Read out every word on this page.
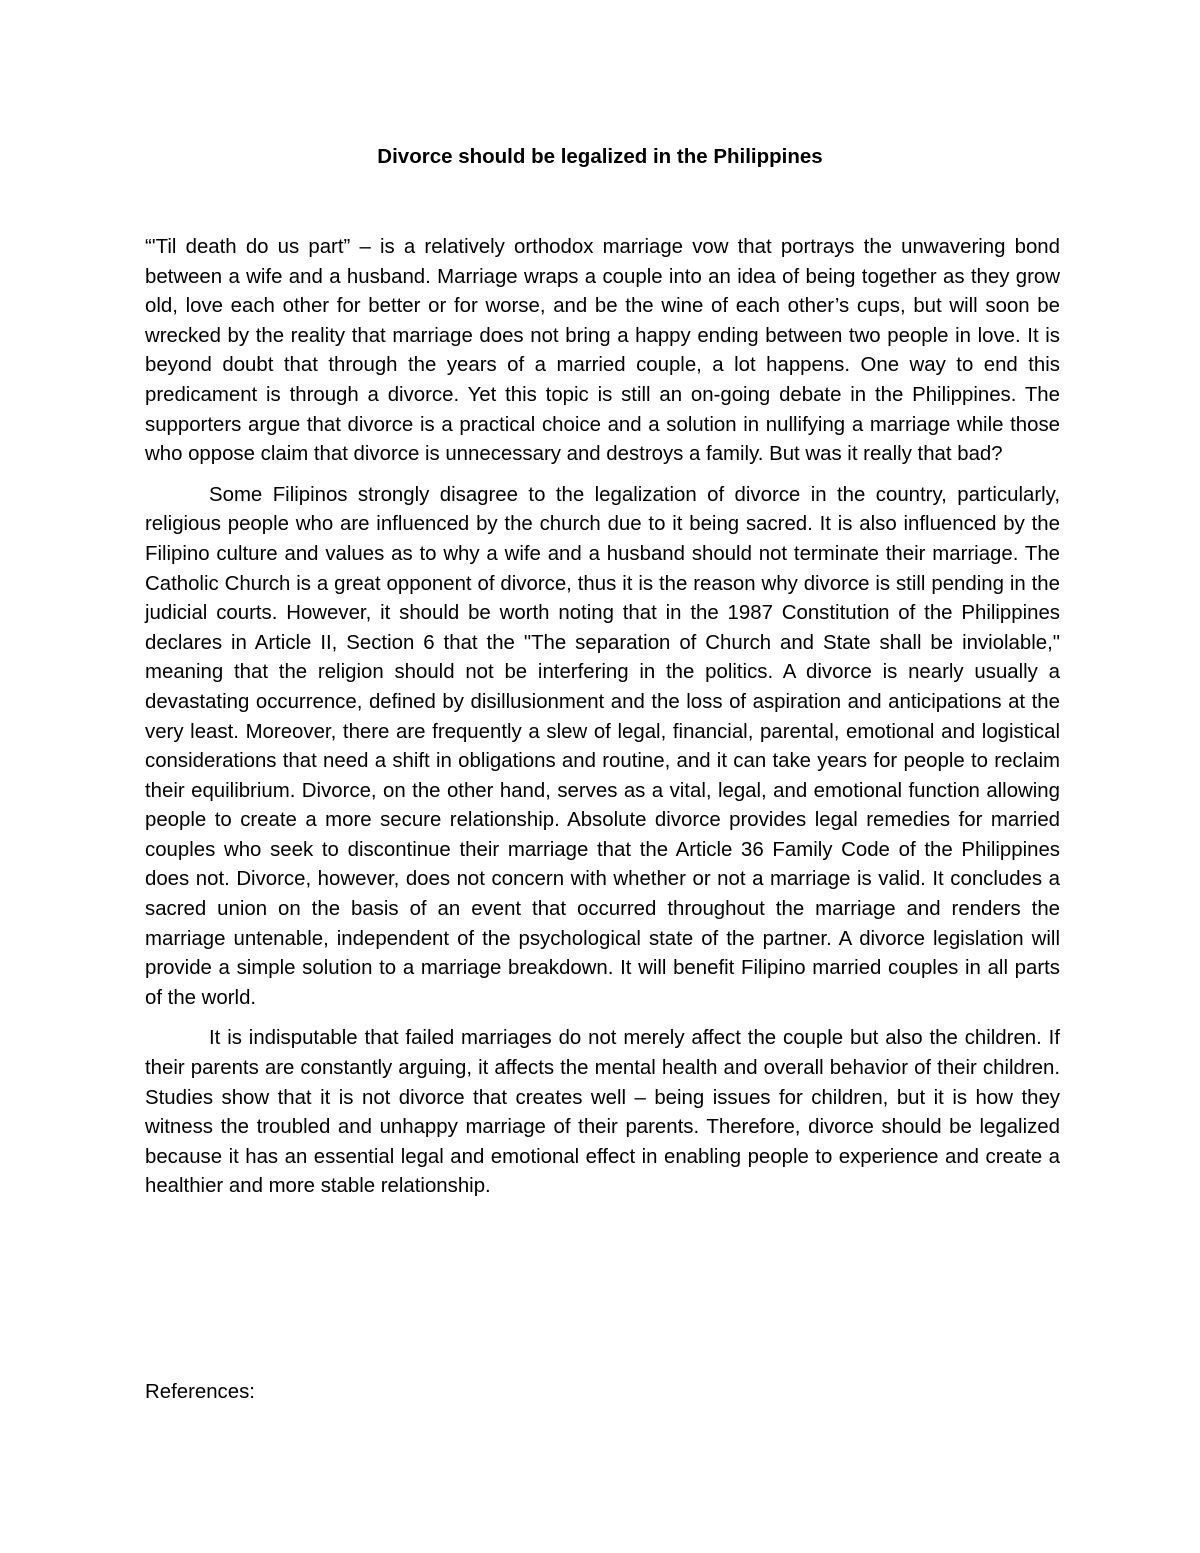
Divorce should be legalized in the Philippines

“'Til death do us part” – is a relatively orthodox marriage vow that portrays the unwavering bond between a wife and a husband. Marriage wraps a couple into an idea of being together as they grow old, love each other for better or for worse, and be the wine of each other’s cups, but will soon be wrecked by the reality that marriage does not bring a happy ending between two people in love. It is beyond doubt that through the years of a married couple, a lot happens. One way to end this predicament is through a divorce. Yet this topic is still an on-going debate in the Philippines. The supporters argue that divorce is a practical choice and a solution in nullifying a marriage while those who oppose claim that divorce is unnecessary and destroys a family. But was it really that bad?

Some Filipinos strongly disagree to the legalization of divorce in the country, particularly, religious people who are influenced by the church due to it being sacred. It is also influenced by the Filipino culture and values as to why a wife and a husband should not terminate their marriage. The Catholic Church is a great opponent of divorce, thus it is the reason why divorce is still pending in the judicial courts. However, it should be worth noting that in the 1987 Constitution of the Philippines declares in Article II, Section 6 that the "The separation of Church and State shall be inviolable," meaning that the religion should not be interfering in the politics. A divorce is nearly usually a devastating occurrence, defined by disillusionment and the loss of aspiration and anticipations at the very least. Moreover, there are frequently a slew of legal, financial, parental, emotional and logistical considerations that need a shift in obligations and routine, and it can take years for people to reclaim their equilibrium. Divorce, on the other hand, serves as a vital, legal, and emotional function allowing people to create a more secure relationship. Absolute divorce provides legal remedies for married couples who seek to discontinue their marriage that the Article 36 Family Code of the Philippines does not. Divorce, however, does not concern with whether or not a marriage is valid. It concludes a sacred union on the basis of an event that occurred throughout the marriage and renders the marriage untenable, independent of the psychological state of the partner. A divorce legislation will provide a simple solution to a marriage breakdown. It will benefit Filipino married couples in all parts of the world.

It is indisputable that failed marriages do not merely affect the couple but also the children. If their parents are constantly arguing, it affects the mental health and overall behavior of their children. Studies show that it is not divorce that creates well – being issues for children, but it is how they witness the troubled and unhappy marriage of their parents. Therefore, divorce should be legalized because it has an essential legal and emotional effect in enabling people to experience and create a healthier and more stable relationship.

References:
